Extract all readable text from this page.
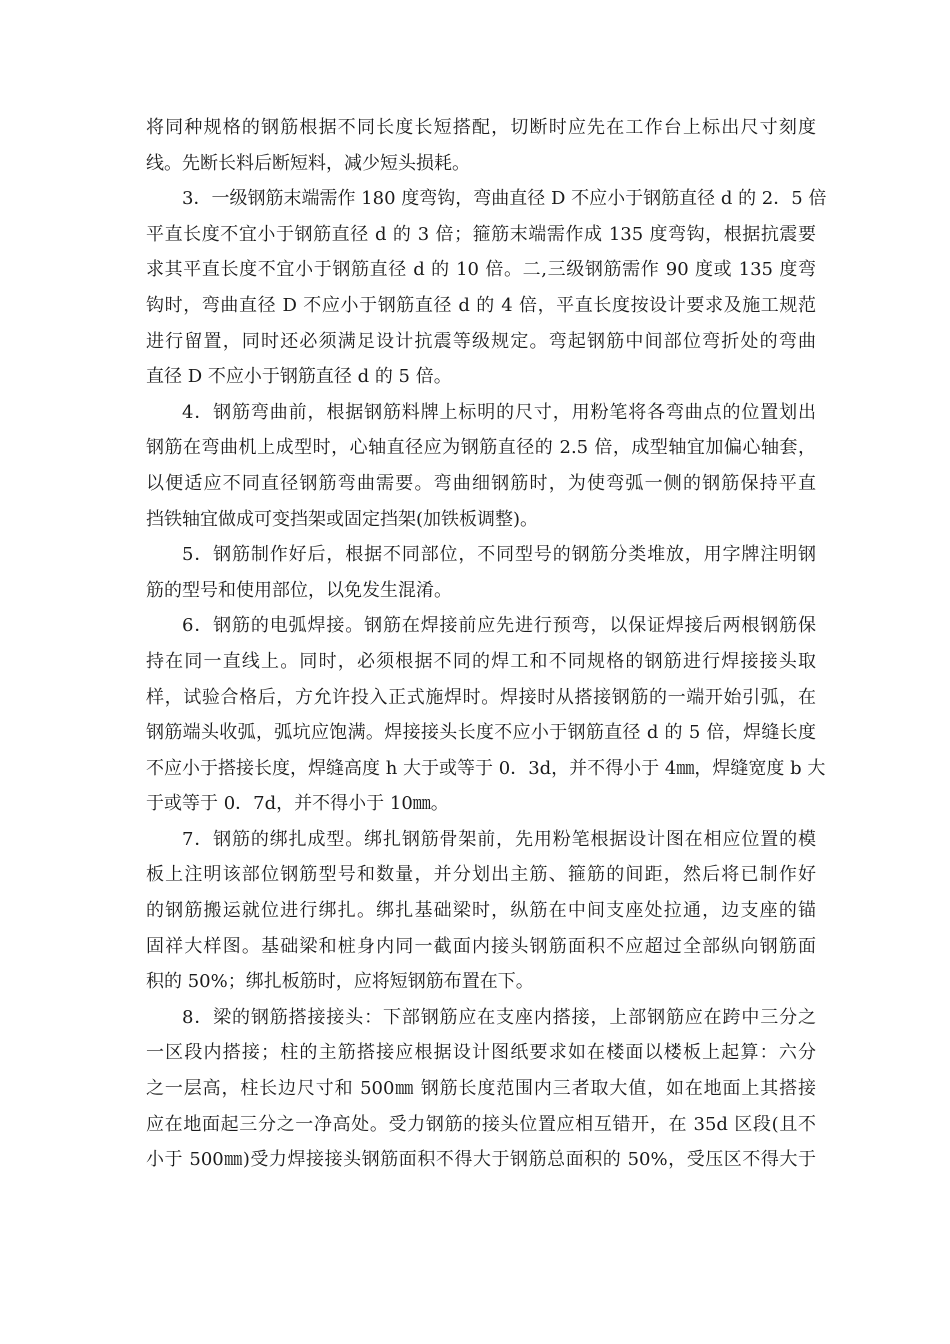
将同种规格的钢筋根据不同长度长短搭配，切断时应先在工作台上标出尺寸刻度
线。先断长料后断短料，减少短头损耗。
3．一级钢筋末端需作 180 度弯钩，弯曲直径 D 不应小于钢筋直径 d 的 2．5 倍
平直长度不宜小于钢筋直径 d 的 3 倍；箍筋末端需作成 135 度弯钩，根据抗震要
求其平直长度不宜小于钢筋直径 d 的 10 倍。二,三级钢筋需作 90 度或 135 度弯
钩时，弯曲直径 D 不应小于钢筋直径 d 的 4 倍，平直长度按设计要求及施工规范
进行留置，同时还必须满足设计抗震等级规定。弯起钢筋中间部位弯折处的弯曲
直径 D 不应小于钢筋直径 d 的 5 倍。
4．钢筋弯曲前，根据钢筋料牌上标明的尺寸，用粉笔将各弯曲点的位置划出
钢筋在弯曲机上成型时，心轴直径应为钢筋直径的 2.5 倍，成型轴宜加偏心轴套，
以便适应不同直径钢筋弯曲需要。弯曲细钢筋时，为使弯弧一侧的钢筋保持平直
挡铁轴宜做成可变挡架或固定挡架(加铁板调整)。
5．钢筋制作好后，根据不同部位，不同型号的钢筋分类堆放，用字牌注明钢
筋的型号和使用部位，以免发生混淆。
6．钢筋的电弧焊接。钢筋在焊接前应先进行预弯，以保证焊接后两根钢筋保
持在同一直线上。同时，必须根据不同的焊工和不同规格的钢筋进行焊接接头取
样，试验合格后，方允许投入正式施焊时。焊接时从搭接钢筋的一端开始引弧，在
钢筋端头收弧，弧坑应饱满。焊接接头长度不应小于钢筋直径 d 的 5 倍，焊缝长度
不应小于搭接长度，焊缝高度 h 大于或等于 0．3d，并不得小于 4㎜，焊缝宽度 b 大
于或等于 0．7d，并不得小于 10㎜。
7．钢筋的绑扎成型。绑扎钢筋骨架前，先用粉笔根据设计图在相应位置的模
板上注明该部位钢筋型号和数量，并分划出主筋、箍筋的间距，然后将已制作好
的钢筋搬运就位进行绑扎。绑扎基础梁时，纵筋在中间支座处拉通，边支座的锚
固祥大样图。基础梁和桩身内同一截面内接头钢筋面积不应超过全部纵向钢筋面
积的 50%；绑扎板筋时，应将短钢筋布置在下。
8．梁的钢筋搭接接头：下部钢筋应在支座内搭接，上部钢筋应在跨中三分之
一区段内搭接；柱的主筋搭接应根据设计图纸要求如在楼面以楼板上起算：六分
之一层高，柱长边尺寸和 500㎜ 钢筋长度范围内三者取大值，如在地面上其搭接
应在地面起三分之一净高处。受力钢筋的接头位置应相互错开，在 35d 区段(且不
小于 500㎜)受力焊接接头钢筋面积不得大于钢筋总面积的 50%，受压区不得大于
